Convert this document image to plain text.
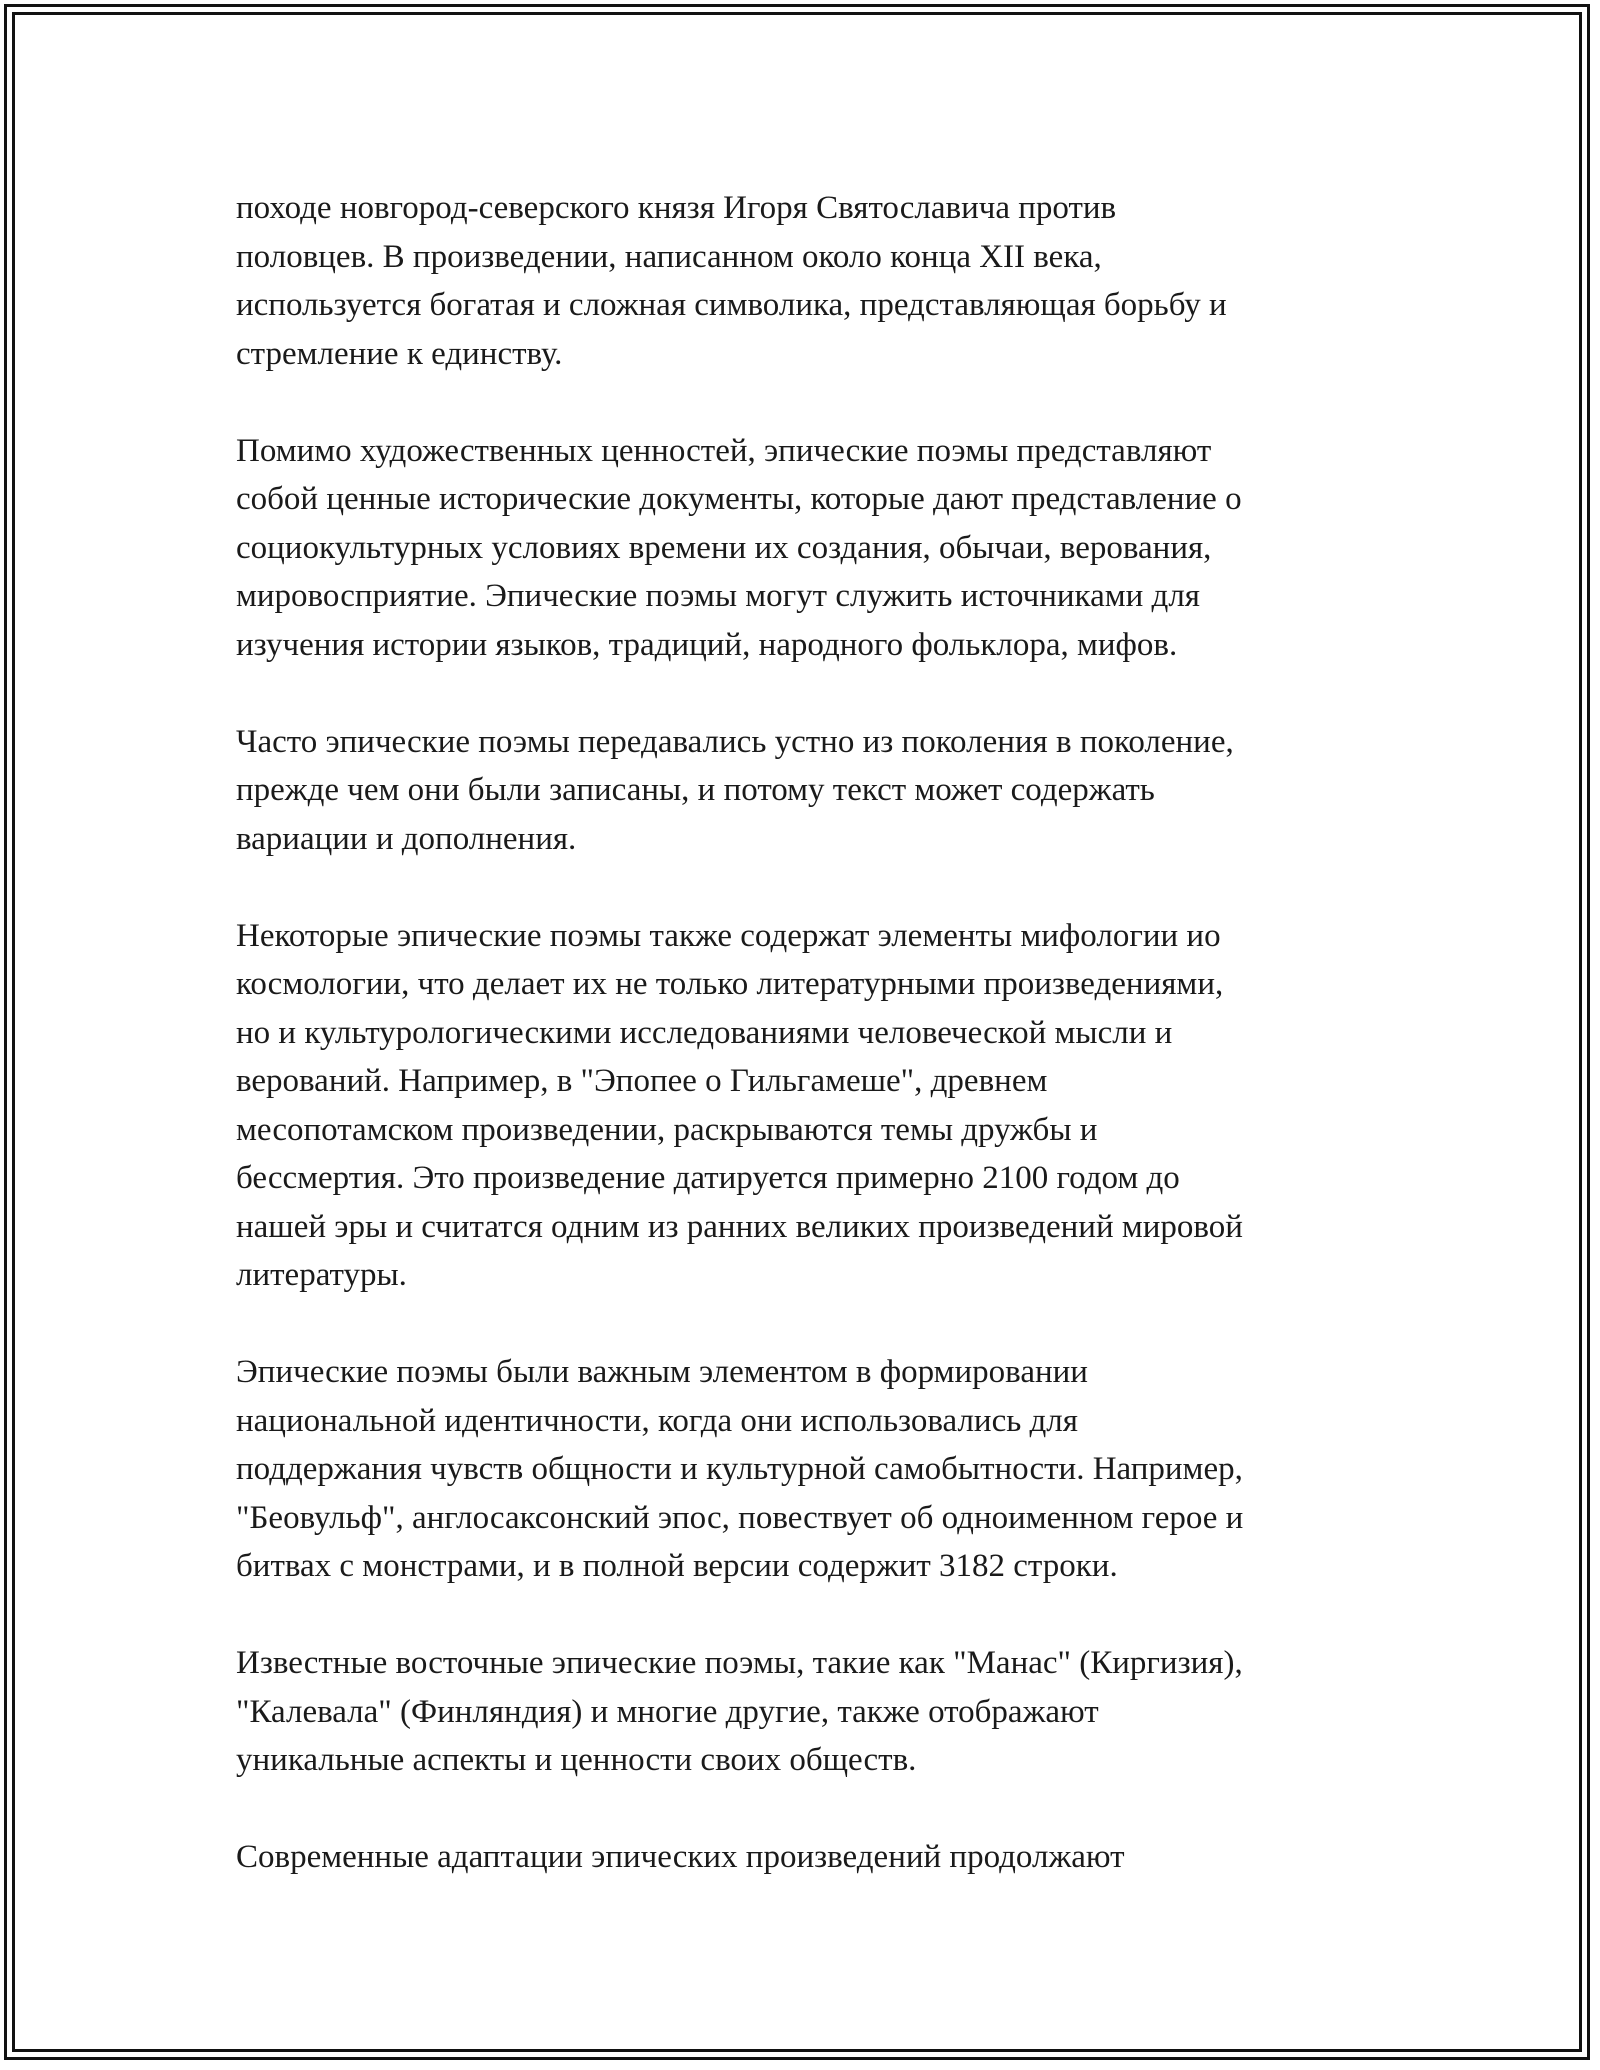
походе новгород-северского князя Игоря Святославича против
половцев. В произведении, написанном около конца XII века,
используется богатая и сложная символика, представляющая борьбу и
стремление к единству.

Помимо художественных ценностей, эпические поэмы представляют
собой ценные исторические документы, которые дают представление о
социокультурных условиях времени их создания, обычаи, верования,
мировосприятие. Эпические поэмы могут служить источниками для
изучения истории языков, традиций, народного фольклора, мифов.

Часто эпические поэмы передавались устно из поколения в поколение,
прежде чем они были записаны, и потому текст может содержать
вариации и дополнения.

Некоторые эпические поэмы также содержат элементы мифологии ио
космологии, что делает их не только литературными произведениями,
но и культурологическими исследованиями человеческой мысли и
верований. Например, в "Эпопее о Гильгамеше", древнем
месопотамском произведении, раскрываются темы дружбы и
бессмертия. Это произведение датируется примерно 2100 годом до
нашей эры и считатся одним из ранних великих произведений мировой
литературы.

Эпические поэмы были важным элементом в формировании
национальной идентичности, когда они использовались для
поддержания чувств общности и культурной самобытности. Например,
"Беовульф", англосаксонский эпос, повествует об одноименном герое и
битвах с монстрами, и в полной версии содержит 3182 строки.

Известные восточные эпические поэмы, такие как "Манас" (Киргизия),
"Калевала" (Финляндия) и многие другие, также отображают
уникальные аспекты и ценности своих обществ.

Современные адаптации эпических произведений продолжают
